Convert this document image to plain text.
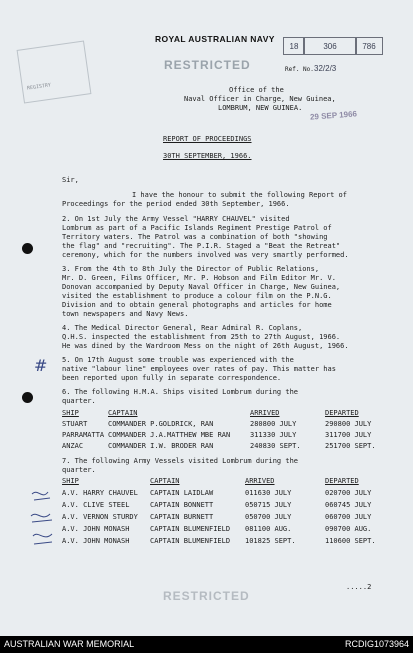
REGISTRY
ROYAL AUSTRALIAN NAVY
18	306	786
RESTRICTED	Ref. No. 32/2/3
Office of the
Naval Officer in Charge, New Guinea,
LOMBRUM, NEW GUINEA.
29 SEP 1966
REPORT OF PROCEEDINGS
30TH SEPTEMBER, 1966.
Sir,
I have the honour to submit the following Report of
Proceedings for the period ended 30th September, 1966.
2. On 1st July the Army Vessel "HARRY CHAUVEL" visited
Lombrum as part of a Pacific Islands Regiment Prestige Patrol of
Territory waters. The Patrol was a combination of both "showing
the flag" and "recruiting". The P.I.R. Staged a "Beat the Retreat"
ceremony, which for the numbers involved was very smartly performed.
3. From the 4th to 8th July the Director of Public Relations,
Mr. D. Green, Films Officer, Mr. P. Hobson and Film Editor Mr. V.
Donovan accompanied by Deputy Naval Officer in Charge, New Guinea,
visited the establishment to produce a colour film on the P.N.G.
Division and to obtain general photographs and articles for home
town newspapers and Navy News.
4. The Medical Director General, Rear Admiral R. Coplans,
Q.H.S. inspected the establishment from 25th to 27th August, 1966.
He was dined by the Wardroom Mess on the night of 26th August, 1966.
5. On 17th August some trouble was experienced with the
native "labour line" employees over rates of pay. This matter has
been reported upon fully in separate correspondence.
#
6. The following H.M.A. Ships visited Lombrum during the
quarter.
SHIP	CAPTAIN	ARRIVED	DEPARTED
STUART	COMMANDER P.GOLDRICK, RAN	280800 JULY	290800 JULY
PARRAMATTA COMMANDER J.A.MATTHEW MBE RAN	311330 JULY	311700 JULY
ANZAC	COMMANDER I.W. BRODER RAN	240830 SEPT.	251700 SEPT.
7. The following Army Vessels visited Lombrum during the
quarter.
SHIP	CAPTAIN	ARRIVED	DEPARTED
A.V. HARRY CHAUVEL CAPTAIN LAIDLAW	011630 JULY	020700 JULY
A.V. CLIVE STEEL	CAPTAIN BONNETT	050715 JULY	060745 JULY
A.V. VERNON STURDY CAPTAIN BURNETT	050700 JULY	060700 JULY
A.V. JOHN MONASH	CAPTAIN BLUMENFIELD 081100 AUG.	090700 AUG.
A.V. JOHN MONASH	CAPTAIN BLUMENFIELD 101825 SEPT.	110600 SEPT.
.....2
RESTRICTED
AUSTRALIAN WAR MEMORIAL	RCDIG1073964
